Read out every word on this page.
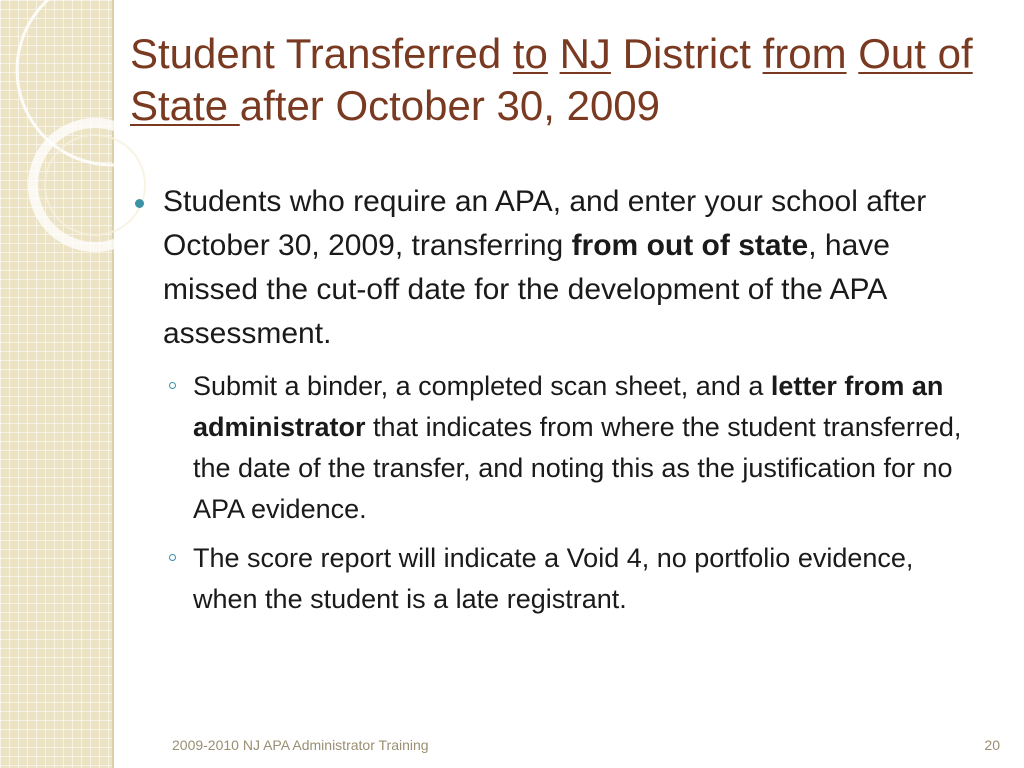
Student Transferred to NJ District from Out of State after October 30, 2009

Students who require an APA, and enter your school after October 30, 2009, transferring from out of state, have missed the cut-off date for the development of the APA assessment.

Submit a binder, a completed scan sheet, and a letter from an administrator that indicates from where the student transferred, the date of the transfer, and noting this as the justification for no APA evidence.

The score report will indicate a Void 4, no portfolio evidence, when the student is a late registrant.

2009-2010 NJ APA Administrator Training	20
